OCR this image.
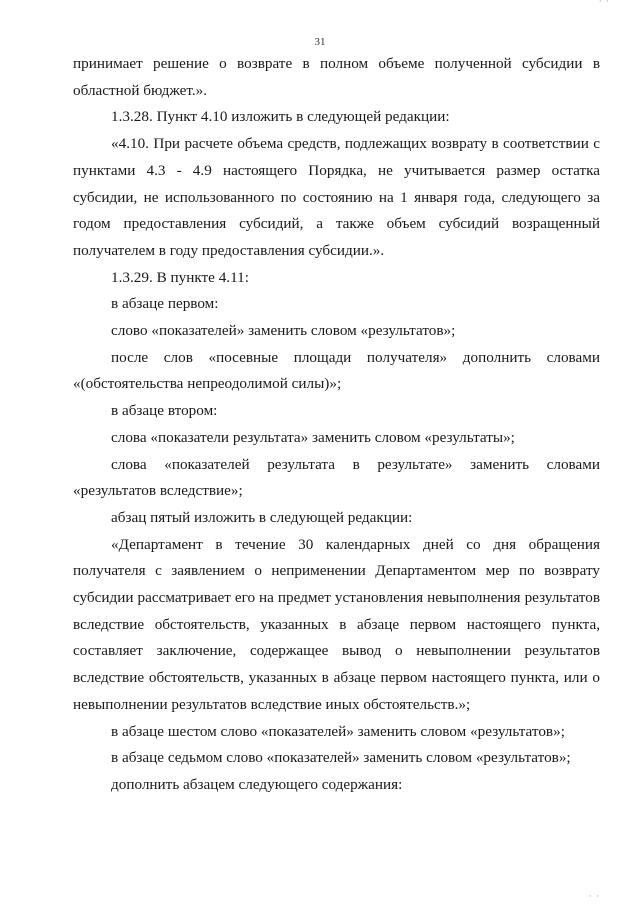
· ·
31

принимает решение о возврате в полном объеме полученной субсидии в областной бюджет.».

1.3.28. Пункт 4.10 изложить в следующей редакции:

«4.10. При расчете объема средств, подлежащих возврату в соответствии с пунктами 4.3 - 4.9 настоящего Порядка, не учитывается размер остатка субсидии, не использованного по состоянию на 1 января года, следующего за годом предоставления субсидий, а также объем субсидий возращенный получателем в году предоставления субсидии.».

1.3.29. В пункте 4.11:

в абзаце первом:

слово «показателей» заменить словом «результатов»;

после слов «посевные площади получателя» дополнить словами «(обстоятельства непреодолимой силы)»;

в абзаце втором:

слова «показатели результата» заменить словом «результаты»;

слова «показателей результата в результате» заменить словами «результатов вследствие»;

абзац пятый изложить в следующей редакции:

«Департамент в течение 30 календарных дней со дня обращения получателя с заявлением о неприменении Департаментом мер по возврату субсидии рассматривает его на предмет установления невыполнения результатов вследствие обстоятельств, указанных в абзаце первом настоящего пункта, составляет заключение, содержащее вывод о невыполнении результатов вследствие обстоятельств, указанных в абзаце первом настоящего пункта, или о невыполнении результатов вследствие иных обстоятельств.»;

в абзаце шестом слово «показателей» заменить словом «результатов»;

в абзаце седьмом слово «показателей» заменить словом «результатов»;

дополнить абзацем следующего содержания:

· ·
